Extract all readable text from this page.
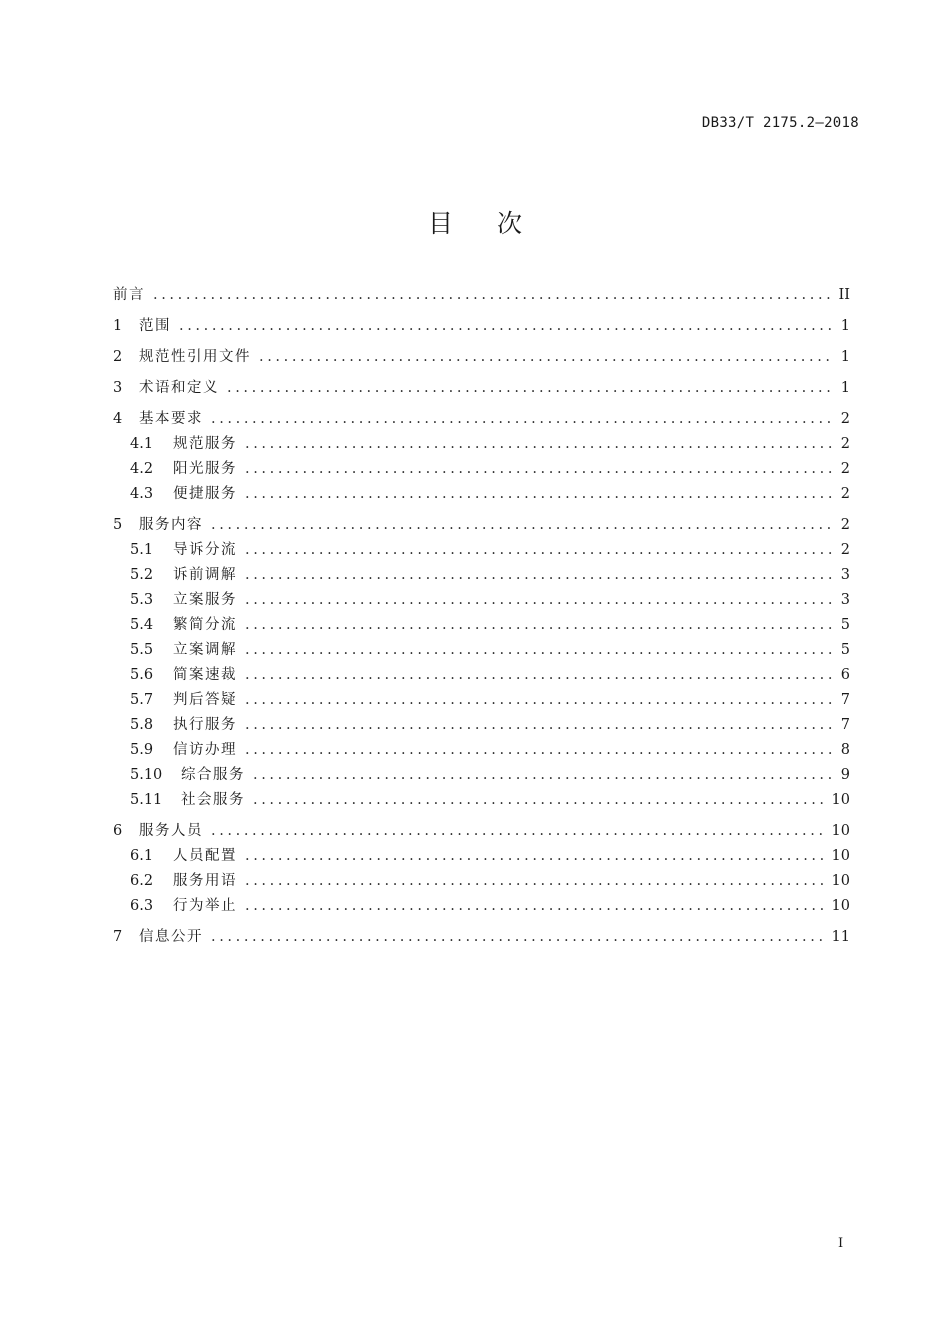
DB33/T 2175.2—2018
目 次
前言 .....	II
1	范围 .....	1
2	规范性引用文件 .....	1
3	术语和定义 .....	1
4	基本要求 .....	2
4.1	规范服务 .....	2
4.2	阳光服务 .....	2
4.3	便捷服务 .....	2
5	服务内容 .....	2
5.1	导诉分流 .....	2
5.2	诉前调解 .....	3
5.3	立案服务 .....	3
5.4	繁简分流 .....	5
5.5	立案调解 .....	5
5.6	简案速裁 .....	6
5.7	判后答疑 .....	7
5.8	执行服务 .....	7
5.9	信访办理 .....	8
5.10	综合服务 .....	9
5.11	社会服务 .....	10
6	服务人员 .....	10
6.1	人员配置 .....	10
6.2	服务用语 .....	10
6.3	行为举止 .....	10
7	信息公开 .....	11
I
